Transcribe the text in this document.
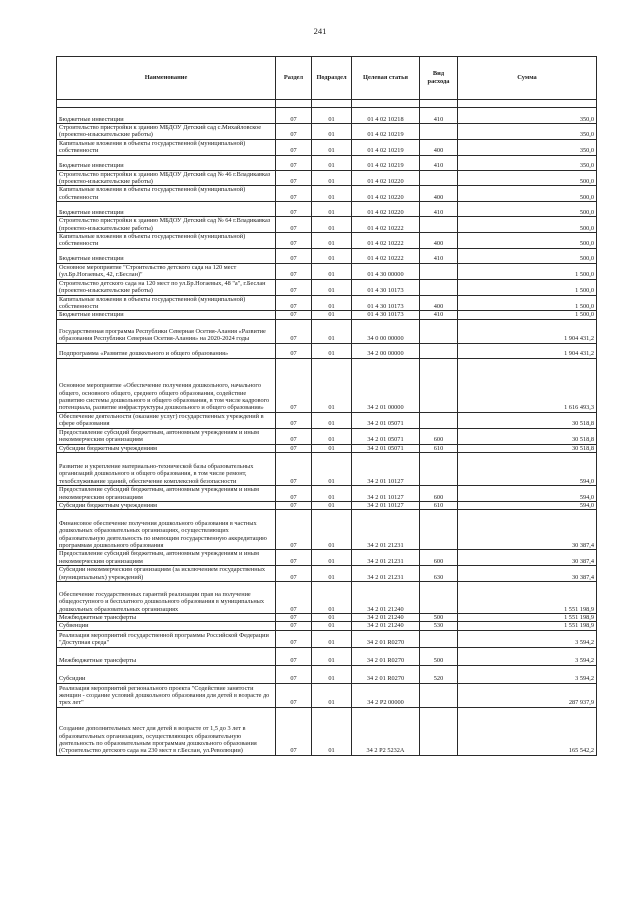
241
Наименование	Раздел	Подраздел	Целевая статья	Вид расхода	Сумма

Бюджетные инвестиции	07	01	01 4 02 10218	410	350,0
Строительство пристройки к зданию МБДОУ Детский сад с.Михайловское (проектно-изыскательские работы)	07	01	01 4 02 10219		350,0
Капитальные вложения в объекты государственной (муниципальной) собственности	07	01	01 4 02 10219	400	350,0
Бюджетные инвестиции	07	01	01 4 02 10219	410	350,0
Строительство пристройки к зданию МБДОУ Детский сад № 46 г.Владикавказ (проектно-изыскательские работы)	07	01	01 4 02 10220		500,0
Капитальные вложения в объекты государственной (муниципальной) собственности	07	01	01 4 02 10220	400	500,0
Бюджетные инвестиции	07	01	01 4 02 10220	410	500,0
Строительство пристройки к зданию МБДОУ Детский сад № 64 г.Владикавказ (проектно-изыскательские работы)	07	01	01 4 02 10222		500,0
Капитальные вложения в объекты государственной (муниципальной) собственности	07	01	01 4 02 10222	400	500,0
Бюджетные инвестиции	07	01	01 4 02 10222	410	500,0
Основное мероприятие "Строительство детского сада на 120 мест (ул.Бр.Ногаевых, 42, г.Беслан)"	07	01	01 4 30 00000		1 500,0
Строительство детского сада на 120 мест по ул.Бр.Ногаевых, 48 "а", г.Беслан (проектно-изыскательские работы)	07	01	01 4 30 10173		1 500,0
Капитальные вложения в объекты государственной (муниципальной) собственности	07	01	01 4 30 10173	400	1 500,0
Бюджетные инвестиции	07	01	01 4 30 10173	410	1 500,0
Государственная программа Республики Северная Осетия-Алания «Развитие образования Республики Северная Осетия-Алания» на 2020-2024 годы	07	01	34 0 00 00000		1 904 431,2
Подпрограмма «Развитие дошкольного и общего образования»	07	01	34 2 00 00000		1 904 431,2
Основное мероприятие «Обеспечение получения дошкольного, начального общего, основного общего, среднего общего образования, содействие развитию системы дошкольного и общего образования, в том числе кадрового потенциала, развитие инфраструктуры дошкольного и общего образования»	07	01	34 2 01 00000		1 616 493,3
Обеспечение деятельности (оказание услуг) государственных учреждений в сфере образования	07	01	34 2 01 05071		30 518,8
Предоставление субсидий бюджетным, автономным учреждениям и иным некоммерческим организациям	07	01	34 2 01 05071	600	30 518,8
Субсидии бюджетным учреждениям	07	01	34 2 01 05071	610	30 518,8
Развитие и укрепление материально-технической базы образовательных организаций дошкольного и общего образования, в том числе ремонт, техобслуживание зданий, обеспечение комплексной безопасности	07	01	34 2 01 10127		594,0
Предоставление субсидий бюджетным, автономным учреждениям и иным некоммерческим организациям	07	01	34 2 01 10127	600	594,0
Субсидии бюджетным учреждениям	07	01	34 2 01 10127	610	594,0
Финансовое обеспечение получения дошкольного образования в частных дошкольных образовательных организациях, осуществляющих образовательную деятельность по имеющим государственную аккредитацию программам дошкольного образования	07	01	34 2 01 21231		30 387,4
Предоставление субсидий бюджетным, автономным учреждениям и иным некоммерческим организациям	07	01	34 2 01 21231	600	30 387,4
Субсидии некоммерческим организациям (за исключением государственных (муниципальных) учреждений)	07	01	34 2 01 21231	630	30 387,4
Обеспечение государственных гарантий реализации прав на получение общедоступного и бесплатного дошкольного образования в муниципальных дошкольных образовательных организациях	07	01	34 2 01 21240		1 551 198,9
Межбюджетные трансферты	07	01	34 2 01 21240	500	1 551 198,9
Субвенции	07	01	34 2 01 21240	530	1 551 198,9
Реализация мероприятий государственной программы Российской Федерации "Доступная среда"	07	01	34 2 01 R0270		3 594,2
Межбюджетные трансферты	07	01	34 2 01 R0270	500	3 594,2
Субсидии	07	01	34 2 01 R0270	520	3 594,2
Реализация мероприятий регионального проекта "Содействие занятости женщин - создание условий дошкольного образования для детей в возрасте до трех лет"	07	01	34 2 P2 00000		287 937,9
Создание дополнительных мест для детей в возрасте от 1,5 до 3 лет в образовательных организациях, осуществляющих образовательную деятельность по образовательным программам дошкольного образования (Строительство детского сада на 230 мест в г.Беслан, ул.Революции)	07	01	34 2 P2 5232A		165 542,2
